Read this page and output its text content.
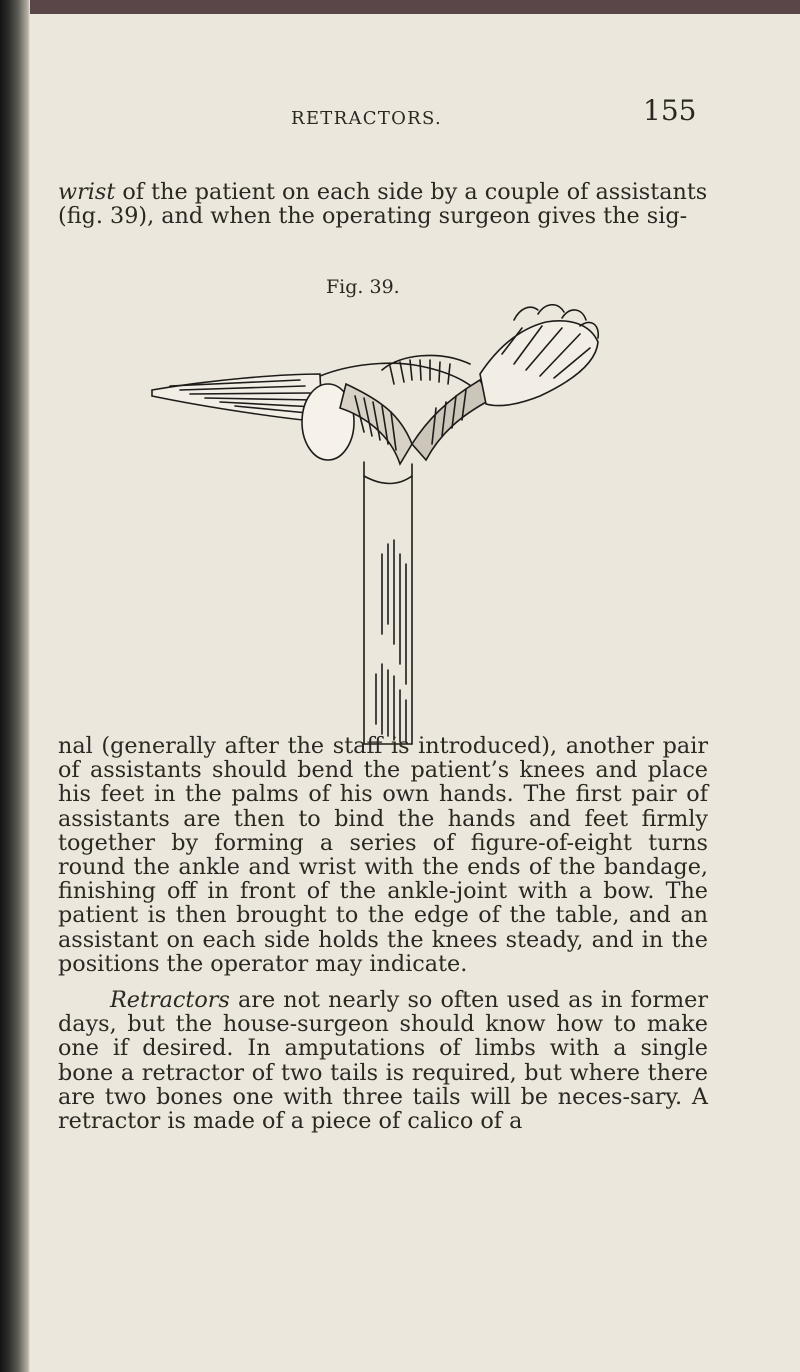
RETRACTORS.	155

wrist of the patient on each side by a couple of assistants (fig. 39), and when the operating surgeon gives the sig-

Fig. 39.

nal (generally after the staff is introduced), another pair of assistants should bend the patient’s knees and place his feet in the palms of his own hands. The first pair of assistants are then to bind the hands and feet firmly together by forming a series of figure-of-eight turns round the ankle and wrist with the ends of the bandage, finishing off in front of the ankle-joint with a bow. The patient is then brought to the edge of the table, and an assistant on each side holds the knees steady, and in the positions the operator may indicate.

Retractors are not nearly so often used as in former days, but the house-surgeon should know how to make one if desired. In amputations of limbs with a single bone a retractor of two tails is required, but where there are two bones one with three tails will be neces-sary. A retractor is made of a piece of calico of a
